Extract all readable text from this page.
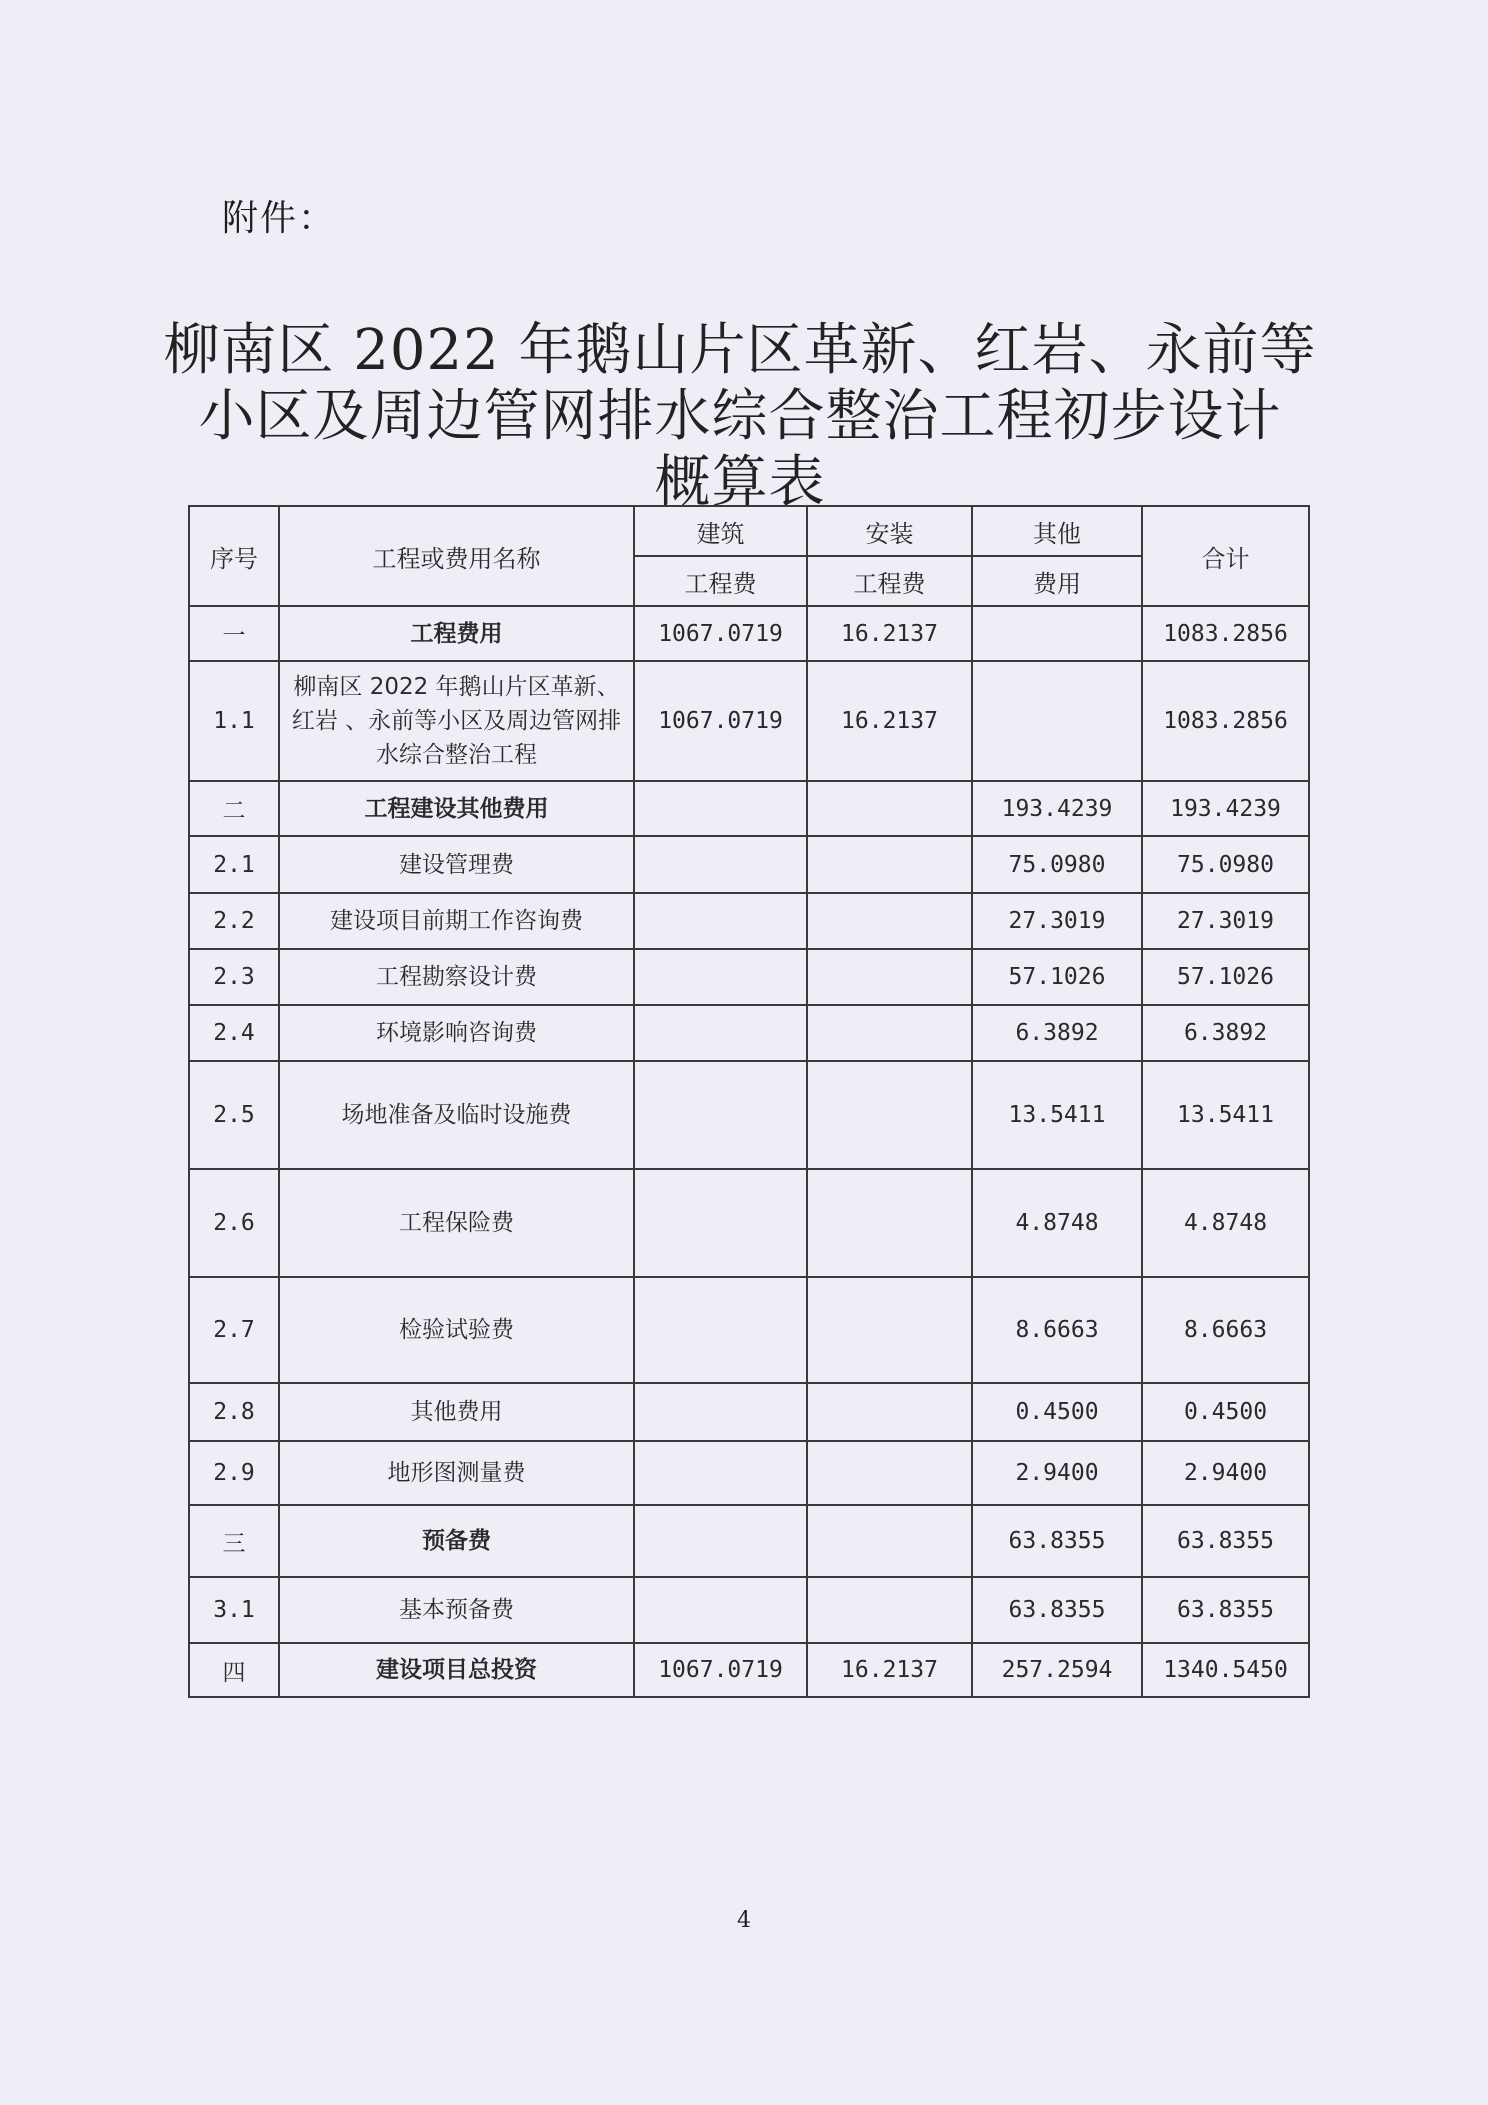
附件：
柳南区 2022 年鹅山片区革新、红岩、永前等
小区及周边管网排水综合整治工程初步设计
概算表
序号	工程或费用名称	建筑	安装	其他	合计
		工程费	工程费	费用	
一	工程费用	1067.0719	16.2137		1083.2856
1.1	柳南区 2022 年鹅山片区革新、红岩 、永前等小区及周边管网排水综合整治工程	1067.0719	16.2137		1083.2856
二	工程建设其他费用			193.4239	193.4239
2.1	建设管理费			75.0980	75.0980
2.2	建设项目前期工作咨询费			27.3019	27.3019
2.3	工程勘察设计费			57.1026	57.1026
2.4	环境影响咨询费			6.3892	6.3892
2.5	场地准备及临时设施费			13.5411	13.5411
2.6	工程保险费			4.8748	4.8748
2.7	检验试验费			8.6663	8.6663
2.8	其他费用			0.4500	0.4500
2.9	地形图测量费			2.9400	2.9400
三	预备费			63.8355	63.8355
3.1	基本预备费			63.8355	63.8355
四	建设项目总投资	1067.0719	16.2137	257.2594	1340.5450
4
